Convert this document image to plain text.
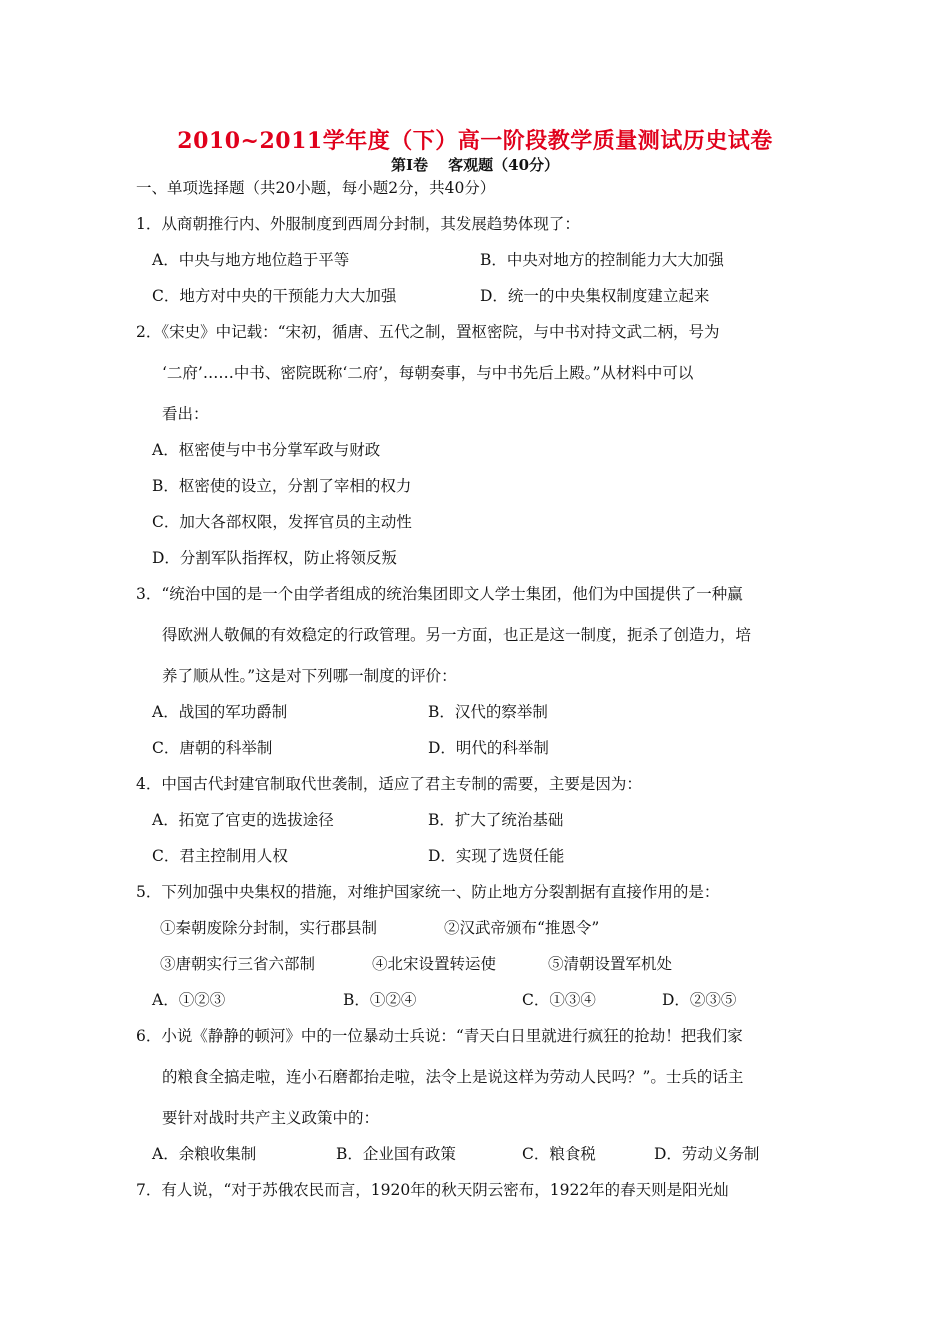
2010~2011学年度（下）高一阶段教学质量测试历史试卷
第Ⅰ卷　 客观题（40分）
一、单项选择题（共20小题，每小题2分，共40分）
1．从商朝推行内、外服制度到西周分封制，其发展趋势体现了：
A．中央与地方地位趋于平等	B．中央对地方的控制能力大大加强
C．地方对中央的干预能力大大加强	D．统一的中央集权制度建立起来
2．《宋史》中记载：“宋初，循唐、五代之制，置枢密院，与中书对持文武二柄，号为
‘二府’……中书、密院既称‘二府’，每朝奏事，与中书先后上殿。”从材料中可以
看出：
A．枢密使与中书分掌军政与财政
B．枢密使的设立，分割了宰相的权力
C．加大各部权限，发挥官员的主动性
D．分割军队指挥权，防止将领反叛
3．“统治中国的是一个由学者组成的统治集团即文人学士集团，他们为中国提供了一种赢
得欧洲人敬佩的有效稳定的行政管理。另一方面，也正是这一制度，扼杀了创造力，培
养了顺从性。”这是对下列哪一制度的评价：
A．战国的军功爵制	B．汉代的察举制
C．唐朝的科举制	D．明代的科举制
4．中国古代封建官制取代世袭制，适应了君主专制的需要，主要是因为：
A．拓宽了官吏的选拔途径	B．扩大了统治基础
C．君主控制用人权	D．实现了选贤任能
5．下列加强中央集权的措施，对维护国家统一、防止地方分裂割据有直接作用的是：
①秦朝废除分封制，实行郡县制	②汉武帝颁布“推恩令”
③唐朝实行三省六部制	④北宋设置转运使	⑤清朝设置军机处
A．①②③	B．①②④	C．①③④	D．②③⑤
6．小说《静静的顿河》中的一位暴动士兵说：“青天白日里就进行疯狂的抢劫！把我们家
的粮食全搞走啦，连小石磨都抬走啦，法令上是说这样为劳动人民吗？”。士兵的话主
要针对战时共产主义政策中的：
A．余粮收集制	B．企业国有政策	C．粮食税	D．劳动义务制
7．有人说，“对于苏俄农民而言，1920年的秋天阴云密布，1922年的春天则是阳光灿
